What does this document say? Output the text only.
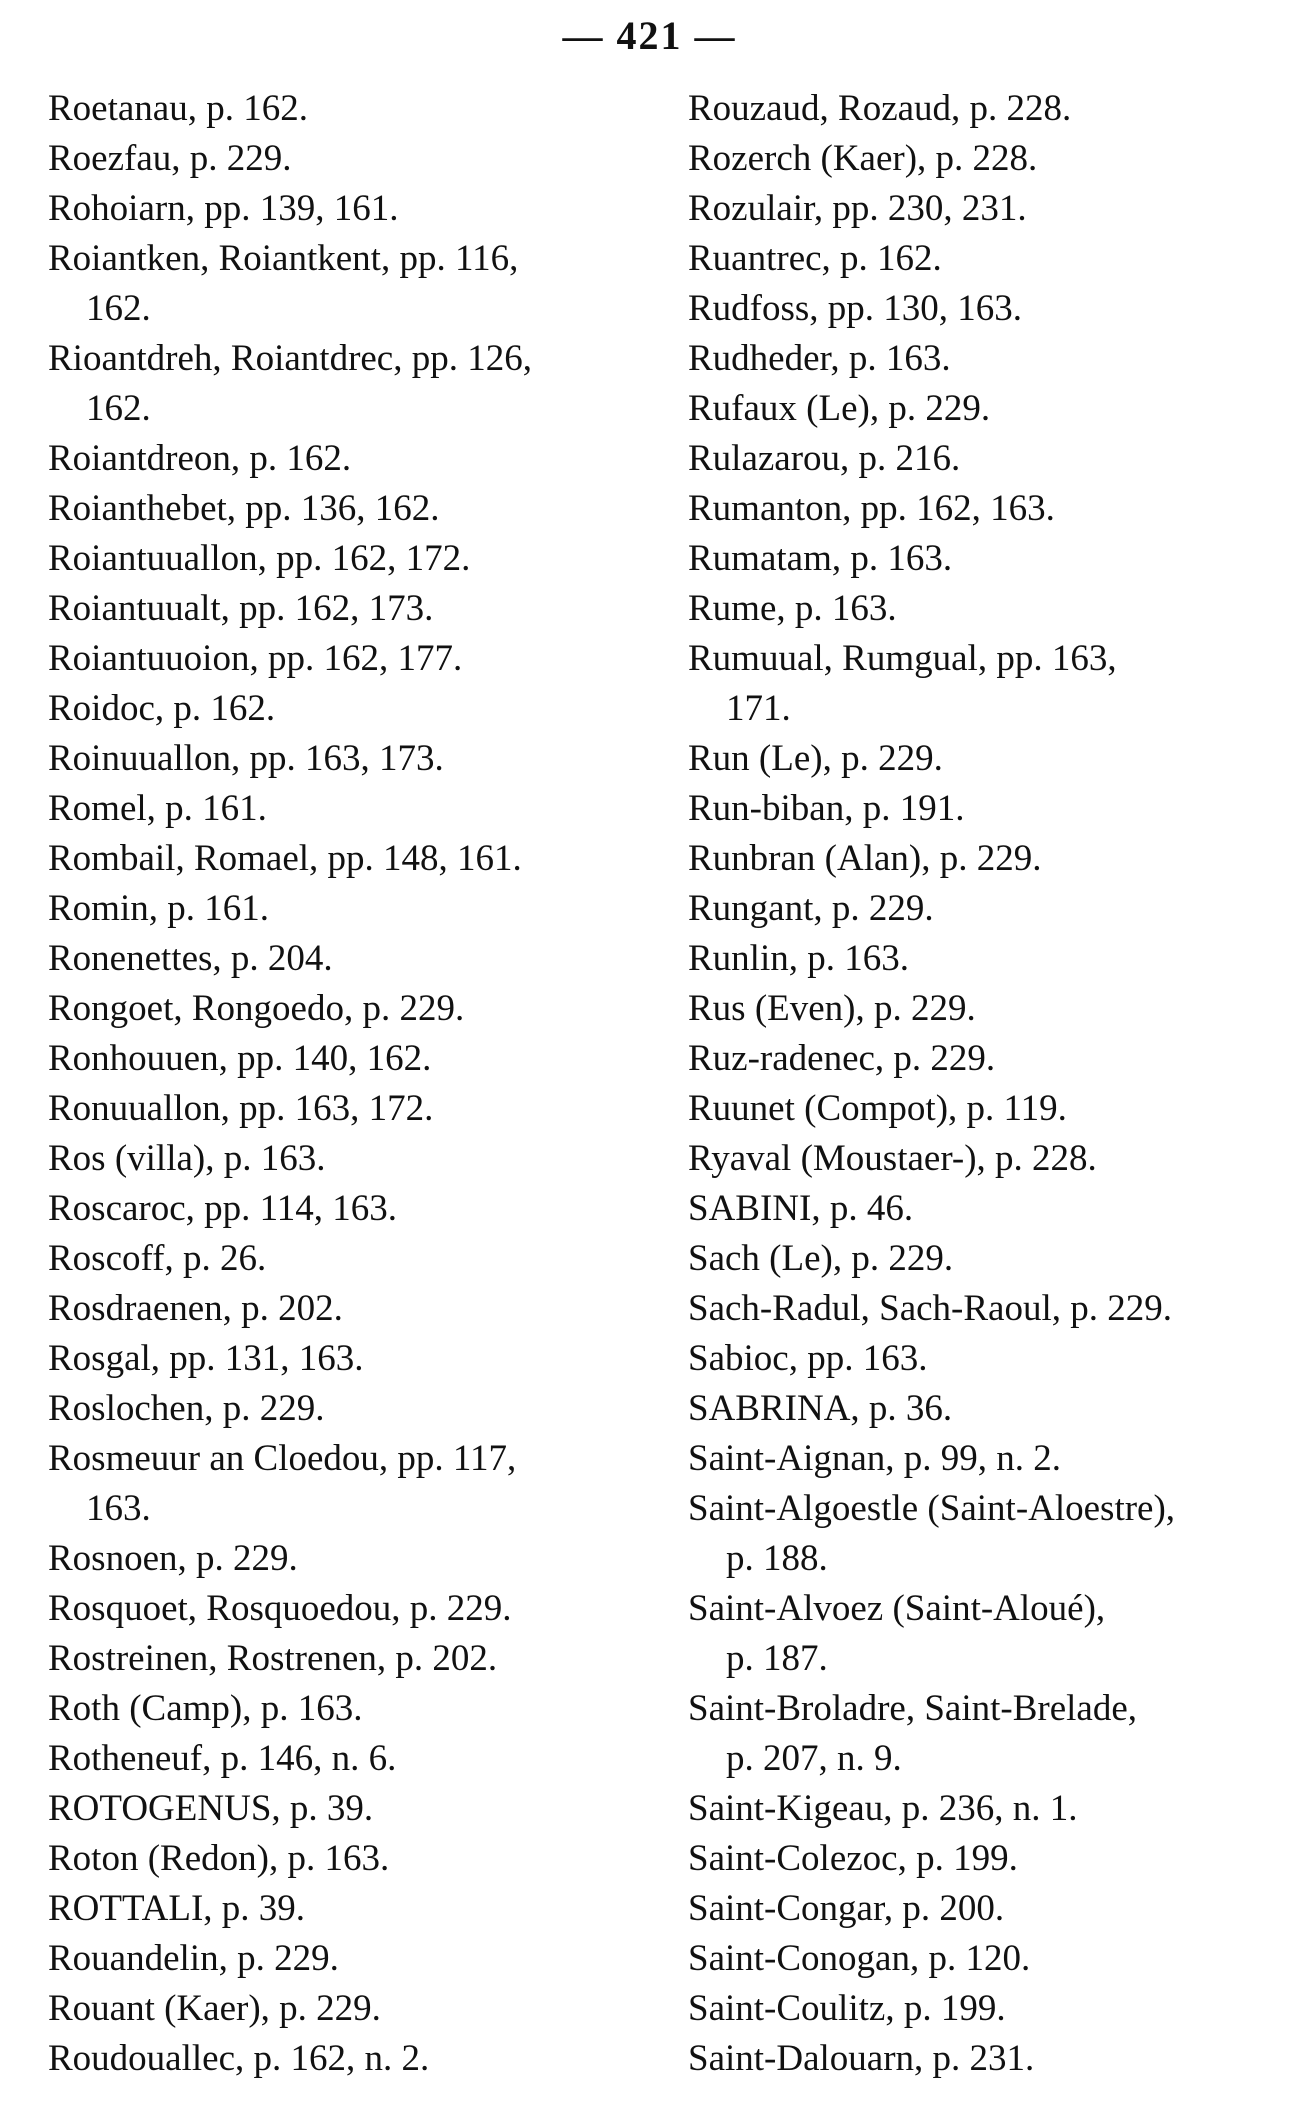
— 421 —
Roetanau, p. 162.
Roezfau, p. 229.
Rohoiarn, pp. 139, 161.
Roiantken, Roiantkent, pp. 116,
162.
Rioantdreh, Roiantdrec, pp. 126,
162.
Roiantdreon, p. 162.
Roianthebet, pp. 136, 162.
Roiantuuallon, pp. 162, 172.
Roiantuualt, pp. 162, 173.
Roiantuuoion, pp. 162, 177.
Roidoc, p. 162.
Roinuuallon, pp. 163, 173.
Romel, p. 161.
Rombail, Romael, pp. 148, 161.
Romin, p. 161.
Ronenettes, p. 204.
Rongoet, Rongoedo, p. 229.
Ronhouuen, pp. 140, 162.
Ronuuallon, pp. 163, 172.
Ros (villa), p. 163.
Roscaroc, pp. 114, 163.
Roscoff, p. 26.
Rosdraenen, p. 202.
Rosgal, pp. 131, 163.
Roslochen, p. 229.
Rosmeuur an Cloedou, pp. 117,
163.
Rosnoen, p. 229.
Rosquoet, Rosquoedou, p. 229.
Rostreinen, Rostrenen, p. 202.
Roth (Camp), p. 163.
Rotheneuf, p. 146, n. 6.
ROTOGENUS, p. 39.
Roton (Redon), p. 163.
ROTTALI, p. 39.
Rouandelin, p. 229.
Rouant (Kaer), p. 229.
Roudouallec, p. 162, n. 2.
Rouzaud, Rozaud, p. 228.
Rozerch (Kaer), p. 228.
Rozulair, pp. 230, 231.
Ruantrec, p. 162.
Rudfoss, pp. 130, 163.
Rudheder, p. 163.
Rufaux (Le), p. 229.
Rulazarou, p. 216.
Rumanton, pp. 162, 163.
Rumatam, p. 163.
Rume, p. 163.
Rumuual, Rumgual, pp. 163,
171.
Run (Le), p. 229.
Run-biban, p. 191.
Runbran (Alan), p. 229.
Rungant, p. 229.
Runlin, p. 163.
Rus (Even), p. 229.
Ruz-radenec, p. 229.
Ruunet (Compot), p. 119.
Ryaval (Moustaer-), p. 228.
SABINI, p. 46.
Sach (Le), p. 229.
Sach-Radul, Sach-Raoul, p. 229.
Sabioc, pp. 163.
SABRINA, p. 36.
Saint-Aignan, p. 99, n. 2.
Saint-Algoestle (Saint-Aloestre),
p. 188.
Saint-Alvoez (Saint-Aloué),
p. 187.
Saint-Broladre, Saint-Brelade,
p. 207, n. 9.
Saint-Kigeau, p. 236, n. 1.
Saint-Colezoc, p. 199.
Saint-Congar, p. 200.
Saint-Conogan, p. 120.
Saint-Coulitz, p. 199.
Saint-Dalouarn, p. 231.
